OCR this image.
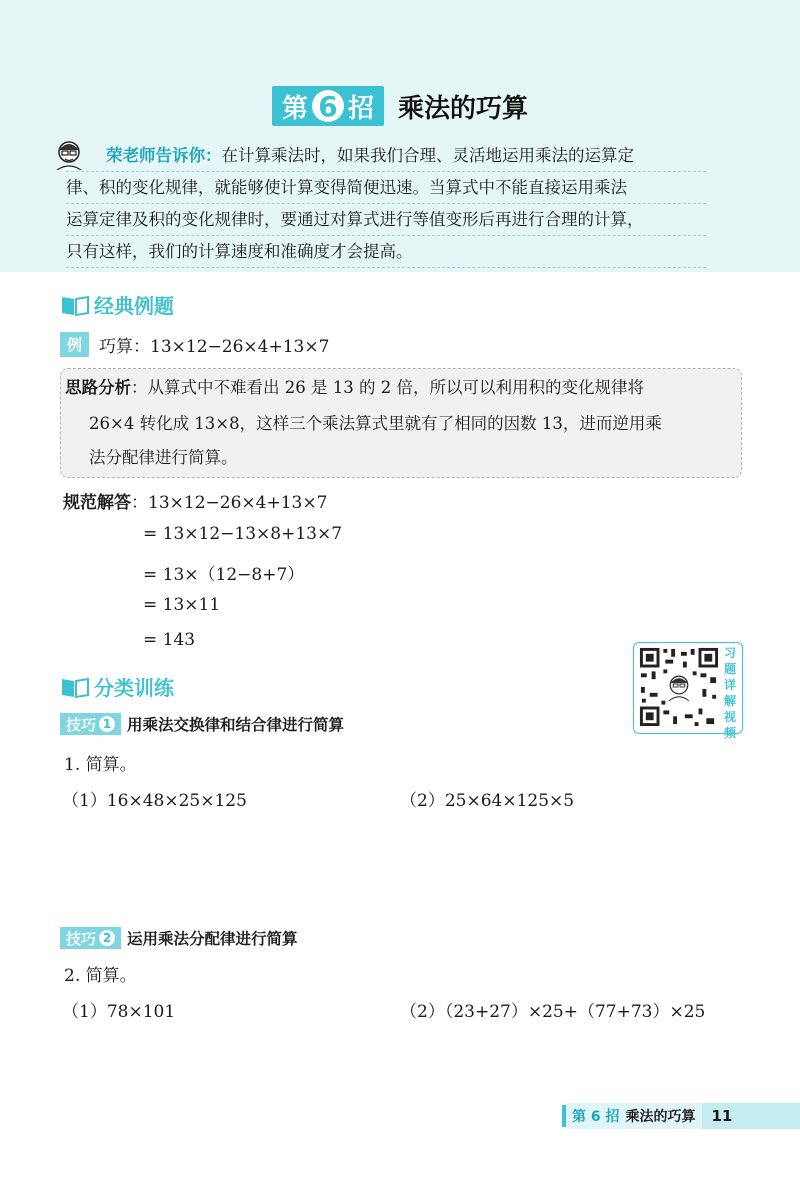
第 6 招 乘法的巧算
荣老师告诉你：在计算乘法时，如果我们合理、灵活地运用乘法的运算定
律、积的变化规律，就能够使计算变得简便迅速。当算式中不能直接运用乘法
运算定律及积的变化规律时，要通过对算式进行等值变形后再进行合理的计算，
只有这样，我们的计算速度和准确度才会提高。
经典例题
例	巧算：13×12−26×4+13×7
思路分析：从算式中不难看出 26 是 13 的 2 倍，所以可以利用积的变化规律将
26×4 转化成 13×8，这样三个乘法算式里就有了相同的因数 13，进而逆用乘
法分配律进行简算。
规范解答：13×12−26×4+13×7
= 13×12−13×8+13×7
= 13×（12−8+7）
= 13×11
= 143
习
题
详
解
视
频
分类训练
技巧 1 用乘法交换律和结合律进行简算
1. 简算。
（1）16×48×25×125	（2）25×64×125×5
技巧 2 运用乘法分配律进行简算
2. 简算。
（1）78×101	（2）（23+27）×25+（77+73）×25
第 6 招 乘法的巧算	11
